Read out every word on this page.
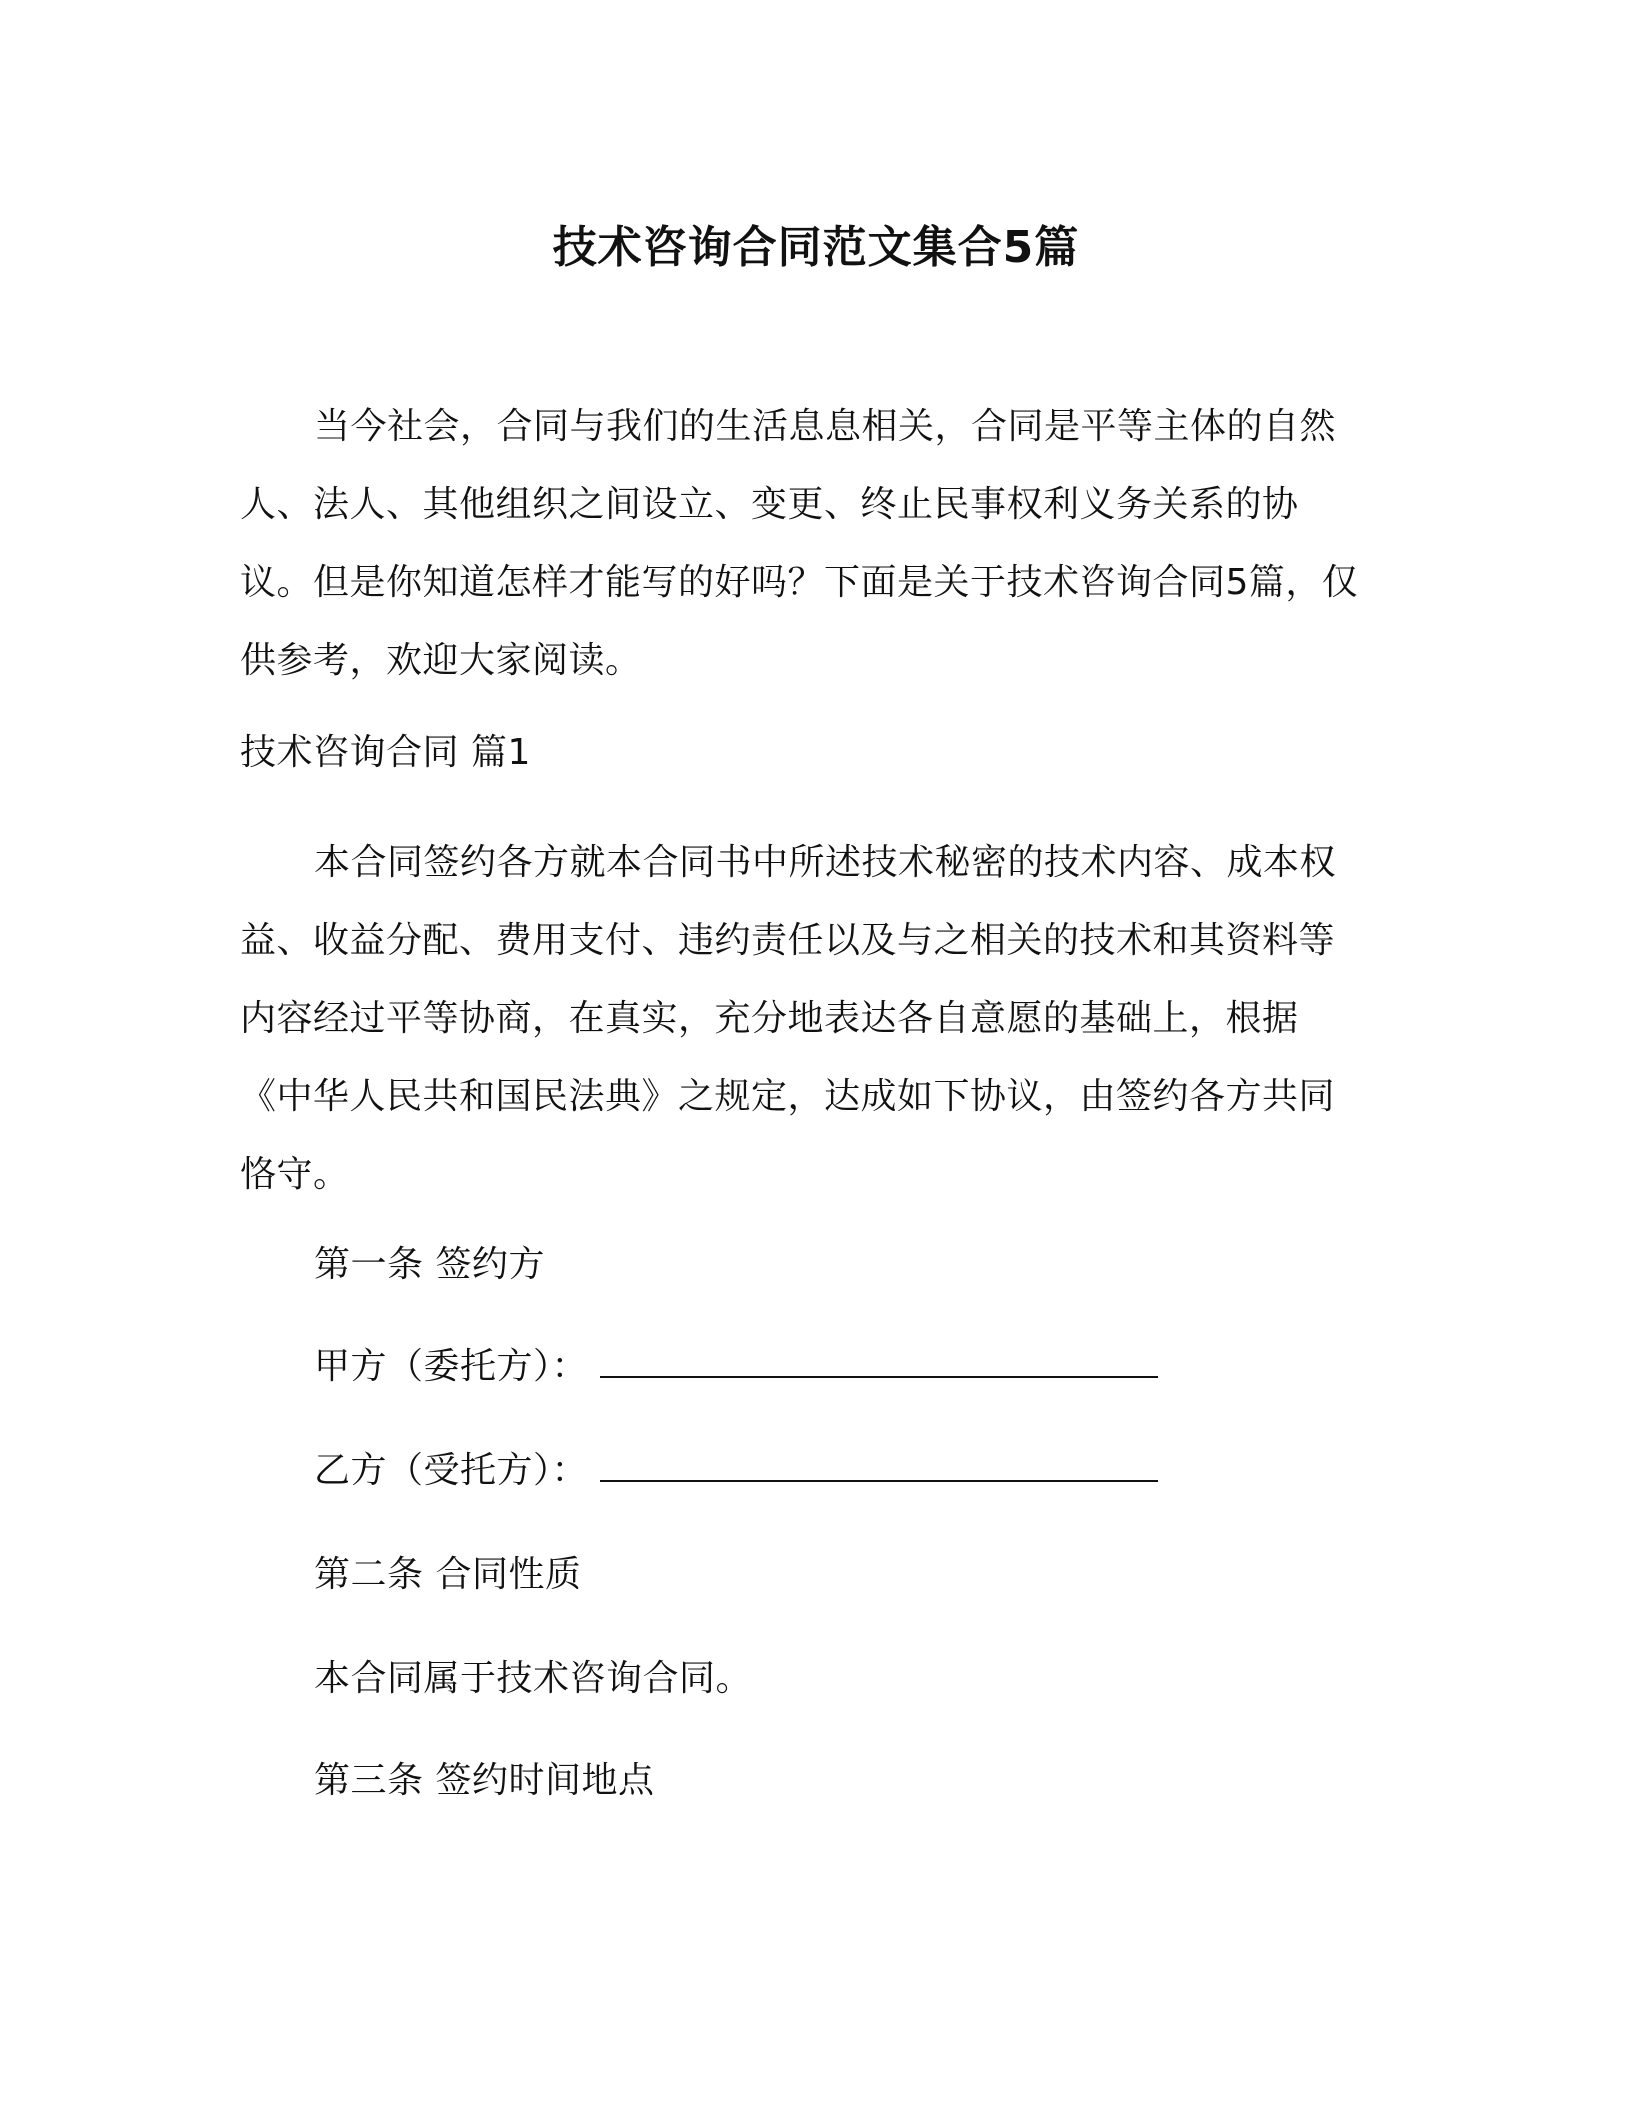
技术咨询合同范文集合5篇

当今社会，合同与我们的生活息息相关，合同是平等主体的自然人、法人、其他组织之间设立、变更、终止民事权利义务关系的协议。但是你知道怎样才能写的好吗？下面是关于技术咨询合同5篇，仅供参考，欢迎大家阅读。

技术咨询合同 篇1

本合同签约各方就本合同书中所述技术秘密的技术内容、成本权益、收益分配、费用支付、违约责任以及与之相关的技术和其资料等内容经过平等协商，在真实，充分地表达各自意愿的基础上，根据《中华人民共和国民法典》之规定，达成如下协议，由签约各方共同恪守。

第一条 签约方

甲方（委托方）：

乙方（受托方）：

第二条 合同性质

本合同属于技术咨询合同。

第三条 签约时间地点
